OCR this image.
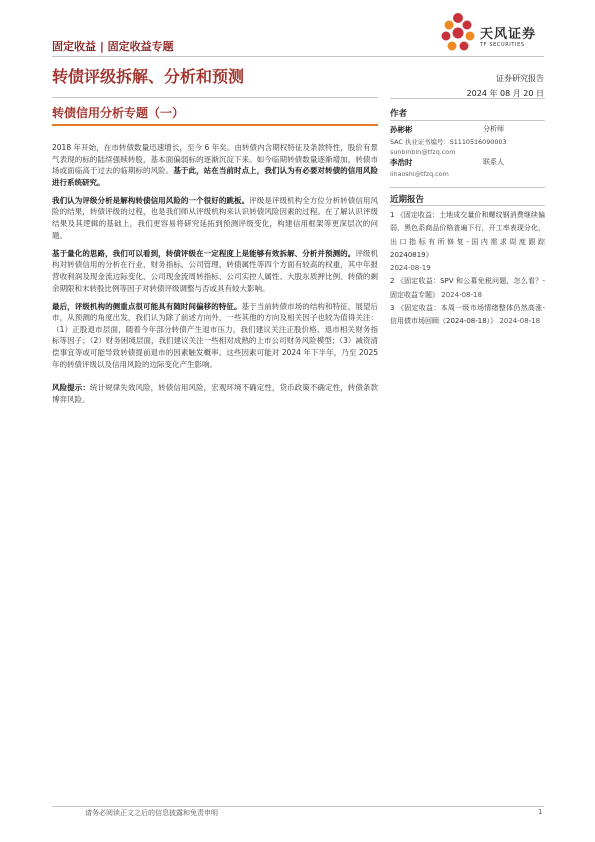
固定收益 | 固定收益专题
天风证券
TF SECURITIES
转债评级拆解、分析和预测	证券研究报告
2024 年 08 月 20 日
转债信用分析专题（一）

2018 年开始，在市转债数量迅速增长，至今 6 年矣。由转债内含期权特征及条款特性，股价有景气表现的标的陆续强赎转股，基本面偏弱标的逐渐沉淀下来。如今临期转债数量逐渐增加，转债市场或面临高于过去的临期标的风险。基于此，站在当前时点上，我们认为有必要对转债的信用风险进行系统研究。

我们认为评级分析是解构转债信用风险的一个很好的跳板。评级是评级机构全方位分析转债信用风险的结果，转债评级的过程，也是我们师从评级机构来认识转债风险因素的过程。在了解认识评级结果及其逻辑的基础上，我们更容易将研究延拓到预测评级变化，构建信用框架等更深层次的问题。

基于量化的思路，我们可以看到，转债评级在一定程度上是能够有效拆解、分析并预测的。评级机构对转债信用的分析在行业、财务指标、公司管理、转债属性等四个方面有较高的权重，其中年报营收利润及现金流边际变化、公司现金流周转指标、公司实控人属性、大股东质押比例、转债的剩余期限和末转股比例等因子对转债评级调整与否或具有较大影响。

最后，评级机构的侧重点很可能具有随时间偏移的特征。基于当前转债市场的结构和特征，展望后市，从预测的角度出发，我们认为除了前述方向外，一些其他的方向及相关因子也较为值得关注：（1）正股退市层面，随着今年部分转债产生退市压力，我们建议关注正股价格、退市相关财务指标等因子；（2）财务困境层面，我们建议关注一些相对成熟的上市公司财务风险模型；（3）减资清偿事宜等或可能导致转债提前退市的因素触发概率。这些因素可能对 2024 年下半年，乃至 2025 年的转债评级以及信用风险的边际变化产生影响。

风险提示：统计规律失效风险，转债信用风险，宏观环境不确定性，货币政策不确定性，转债条款博弈风险。

作者
孙彬彬	分析师
SAC 执业证书编号：S1110516090003
sunbinbin@tfzq.com
李浩时	联系人
lihaoshi@tfzq.com
近期报告

1 《固定收益：土地成交量价和螺纹钢消费继续偏弱，黑色系商品价格普遍下行，开工率表现分化，出口指标有所修复-国内需求周度跟踪 20240819》
2024-08-19

2 《固定收益：SPV 和公募免税问题，怎么看？-固定收益专题》 2024-08-18

3 《固定收益：本周一级市场情绪整体仍然高涨-信用债市场回顾（2024-08-18）》 2024-08-18

请务必阅读正文之后的信息披露和免责申明	1
